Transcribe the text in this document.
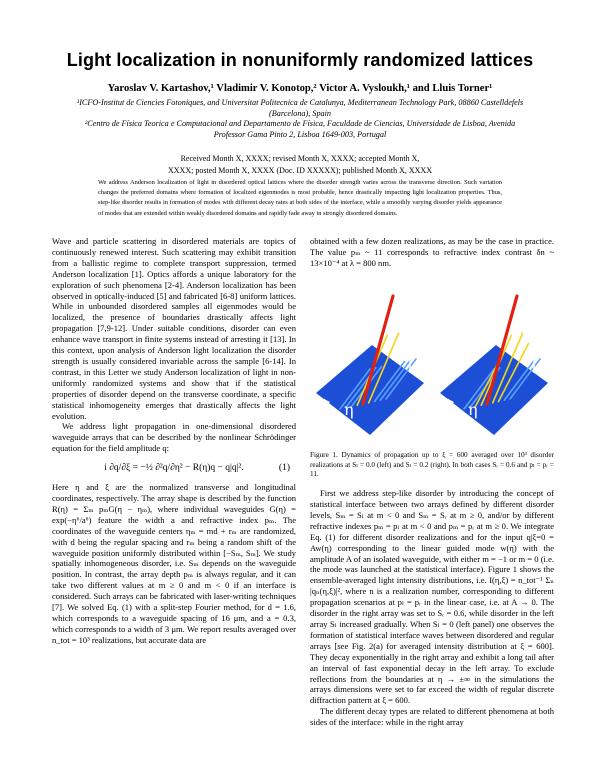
Light localization in nonuniformly randomized lattices
Yaroslav V. Kartashov,¹ Vladimir V. Konotop,² Victor A. Vysloukh,¹ and Lluis Torner¹
¹ICFO-Institut de Ciencies Fotoniques, and Universitat Politecnica de Catalunya, Mediterranean Technology Park, 08860 Castelldefels (Barcelona), Spain
²Centro de Física Teorica e Computacional and Departamento de Física, Faculdade de Ciencias, Universidade de Lisboa, Avenida Professor Gama Pinto 2, Lisboa 1649-003, Portugal
Received Month X, XXXX; revised Month X, XXXX; accepted Month X,
XXXX; posted Month X, XXXX (Doc. ID XXXXX); published Month X, XXXX
We address Anderson localization of light in disordered optical lattices where the disorder strength varies across the transverse direction. Such variation changes the preferred domains where formation of localized eigenmodes is most probable, hence drastically impacting light localization properties. Thus, step-like disorder results in formation of modes with different decay rates at both sides of the interface, while a smoothly varying disorder yields appearance of modes that are extended within weakly disordered domains and rapidly fade away in strongly disordered domains.

Wave and particle scattering in disordered materials are topics of continuously renewed interest. Such scattering may exhibit transition from a ballistic regime to complete transport suppression, termed Anderson localization [1]. Optics affords a unique laboratory for the exploration of such phenomena [2-4]. Anderson localization has been observed in optically-induced [5] and fabricated [6-8] uniform lattices. While in unbounded disordered samples all eigenmodes would be localized, the presence of boundaries drastically affects light propagation [7,9-12]. Under suitable conditions, disorder can even enhance wave transport in finite systems instead of arresting it [13]. In this context, upon analysis of Anderson light localization the disorder strength is usually considered invariable across the sample [6-14]. In contrast, in this Letter we study Anderson localization of light in non-uniformly randomized systems and show that if the statistical properties of disorder depend on the transverse coordinate, a specific statistical inhomogeneity emerges that drastically affects the light evolution.

We address light propagation in one-dimensional disordered waveguide arrays that can be described by the nonlinear Schrödinger equation for the field amplitude q:

i ∂q/∂ξ = −½ ∂²q/∂η² − R(η)q − q|q|².	(1)

Here η and ξ are the normalized transverse and longitudinal coordinates, respectively. The array shape is described by the function R(η) = Σₘ pₘG(η − ηₘ), where individual waveguides G(η) = exp(−η⁶/a⁶) feature the width a and refractive index pₘ. The coordinates of the waveguide centers ηₘ = md + rₘ are randomized, with d being the regular spacing and rₘ being a random shift of the waveguide position uniformly distributed within [−Sₘ, Sₘ]. We study spatially inhomogeneous disorder, i.e. Sₘ depends on the waveguide position. In contrast, the array depth pₘ is always regular, and it can take two different values at m ≥ 0 and m < 0 if an interface is considered. Such arrays can be fabricated with laser-writing techniques [7]. We solved Eq. (1) with a split-step Fourier method, for d = 1.6, which corresponds to a waveguide spacing of 16 μm, and a = 0.3, which corresponds to a width of 3 μm. We report results averaged over n_tot = 10³ realizations, but accurate data are

obtained with a few dozen realizations, as may be the case in practice. The value pₘ ~ 11 corresponds to refractive index contrast δn ~ 13×10⁻⁴ at λ = 800 nm.

η
ξ
η
ξ
Figure 1. Dynamics of propagation up to ξ = 600 averaged over 10³ disorder realizations at Sₗ = 0.0 (left) and Sₗ = 0.2 (right). In both cases Sᵣ = 0.6 and pₗ = pᵣ = 11.

First we address step-like disorder by introducing the concept of statistical interface between two arrays defined by different disorder levels, Sₘ = Sₗ at m < 0 and Sₘ = Sᵣ at m ≥ 0, and/or by different refractive indexes pₘ = pₗ at m < 0 and pₘ = pᵣ at m ≥ 0. We integrate Eq. (1) for different disorder realizations and for the input q|ξ=0 = Aw(η) corresponding to the linear guided mode w(η) with the amplitude A of an isolated waveguide, with either m = −1 or m = 0 (i.e. the mode was launched at the statistical interface). Figure 1 shows the ensemble-averaged light intensity distributions, i.e. I(η,ξ) = n_tot⁻¹ Σₙ |qₙ(η,ξ)|², where n is a realization number, corresponding to different propagation scenarios at pₗ = pᵣ in the linear case, i.e. at A → 0. The disorder in the right array was set to Sᵣ = 0.6, while disorder in the left array Sₗ increased gradually. When Sₗ = 0 (left panel) one observes the formation of statistical interface waves between disordered and regular arrays [see Fig. 2(a) for averaged intensity distribution at ξ = 600]. They decay exponentially in the right array and exhibit a long tail after an interval of fast exponential decay in the left array. To exclude reflections from the boundaries at η → ±∞ in the simulations the arrays dimensions were set to far exceed the width of regular discrete diffraction pattern at ξ = 600.

The different decay types are related to different phenomena at both sides of the interface: while in the right array
